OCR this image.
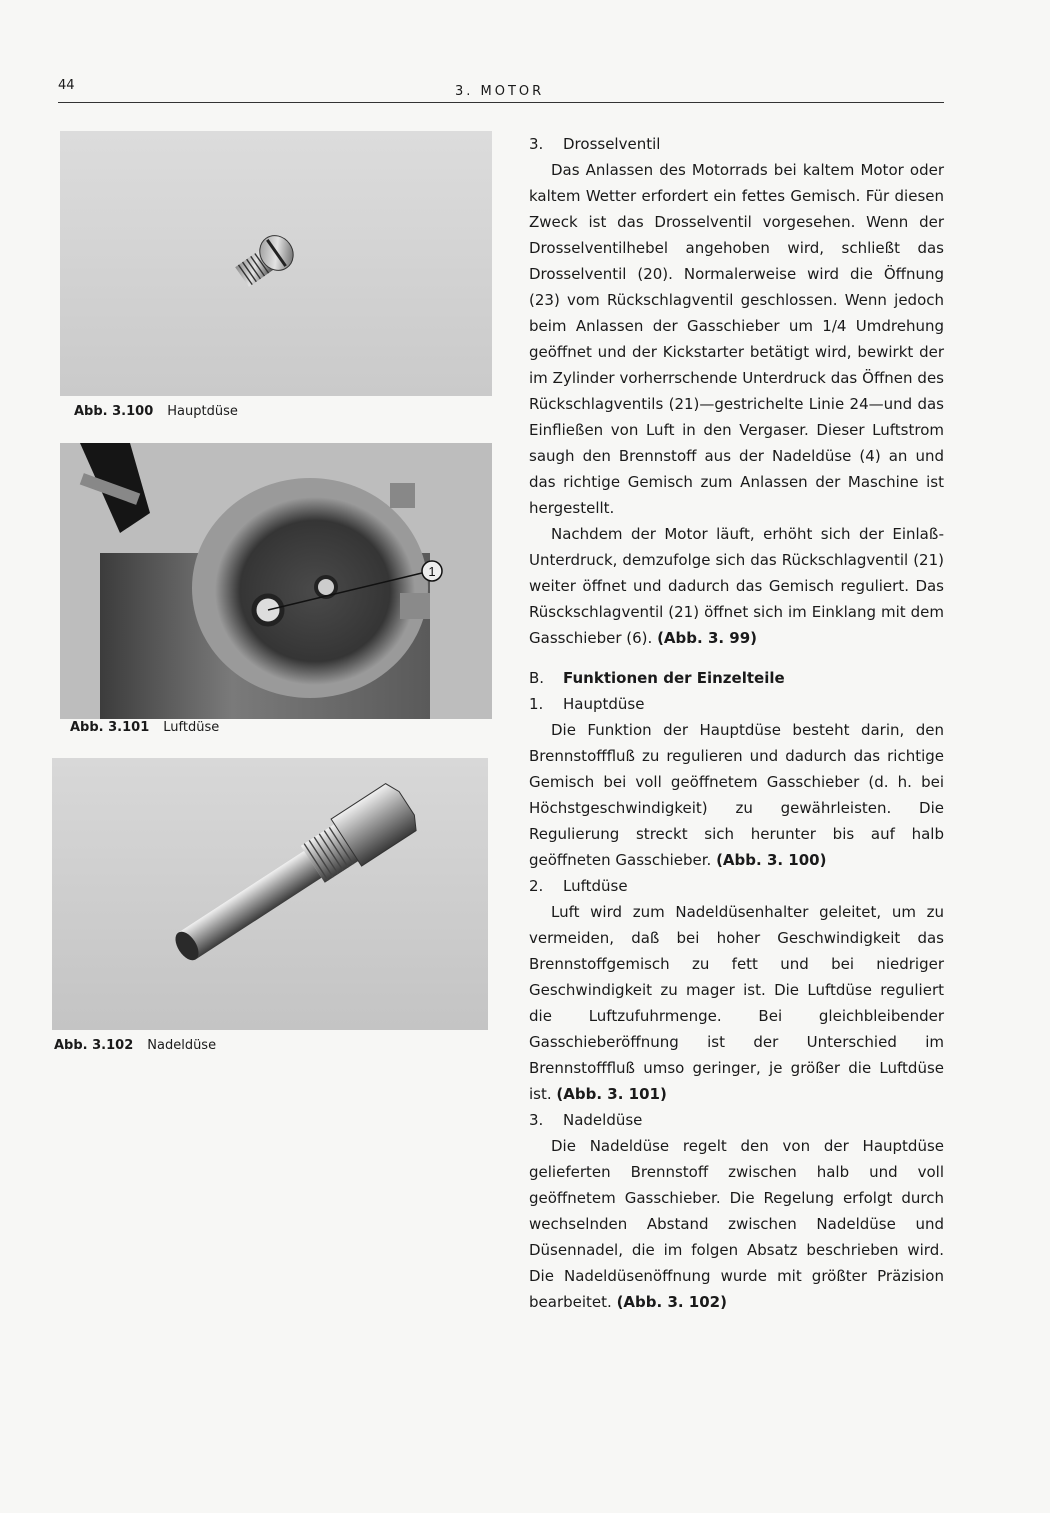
44	3. MOTOR
Abb. 3.100 Hauptdüse
1
Abb. 3.101 Luftdüse
Abb. 3.102 Nadeldüse

3. Drosselventil

Das Anlassen des Motorrads bei kaltem Motor oder kaltem Wetter erfordert ein fettes Gemisch. Für diesen Zweck ist das Drosselventil vorgesehen. Wenn der Drosselventilhebel angehoben wird, schließt das Drosselventil (20). Normalerweise wird die Öffnung (23) vom Rückschlagventil geschlossen. Wenn jedoch beim Anlassen der Gasschieber um 1/4 Umdrehung geöffnet und der Kickstarter betätigt wird, bewirkt der im Zylinder vorherrschende Unterdruck das Öffnen des Rückschlagventils (21)—gestrichelte Linie 24—und das Einfließen von Luft in den Vergaser. Dieser Luftstrom saugh den Brennstoff aus der Nadeldüse (4) an und das richtige Gemisch zum Anlassen der Maschine ist hergestellt.

Nachdem der Motor läuft, erhöht sich der Einlaß-Unterdruck, demzufolge sich das Rückschlagventil (21) weiter öffnet und dadurch das Gemisch reguliert. Das Rüsckschlagventil (21) öffnet sich im Einklang mit dem Gasschieber (6). (Abb. 3. 99)

B. Funktionen der Einzelteile

1. Hauptdüse

Die Funktion der Hauptdüse besteht darin, den Brennstofffluß zu regulieren und dadurch das richtige Gemisch bei voll geöffnetem Gasschieber (d. h. bei Höchstgeschwindigkeit) zu gewährleisten. Die Regulierung streckt sich herunter bis auf halb geöffneten Gasschieber. (Abb. 3. 100)

2. Luftdüse

Luft wird zum Nadeldüsenhalter geleitet, um zu vermeiden, daß bei hoher Geschwindigkeit das Brennstoffgemisch zu fett und bei niedriger Geschwindigkeit zu mager ist. Die Luftdüse reguliert die Luftzufuhrmenge. Bei gleichbleibender Gasschieberöffnung ist der Unterschied im Brennstofffluß umso geringer, je größer die Luftdüse ist. (Abb. 3. 101)

3. Nadeldüse

Die Nadeldüse regelt den von der Hauptdüse gelieferten Brennstoff zwischen halb und voll geöffnetem Gasschieber. Die Regelung erfolgt durch wechselnden Abstand zwischen Nadeldüse und Düsennadel, die im folgen Absatz beschrieben wird. Die Nadeldüsenöffnung wurde mit größter Präzision bearbeitet. (Abb. 3. 102)
